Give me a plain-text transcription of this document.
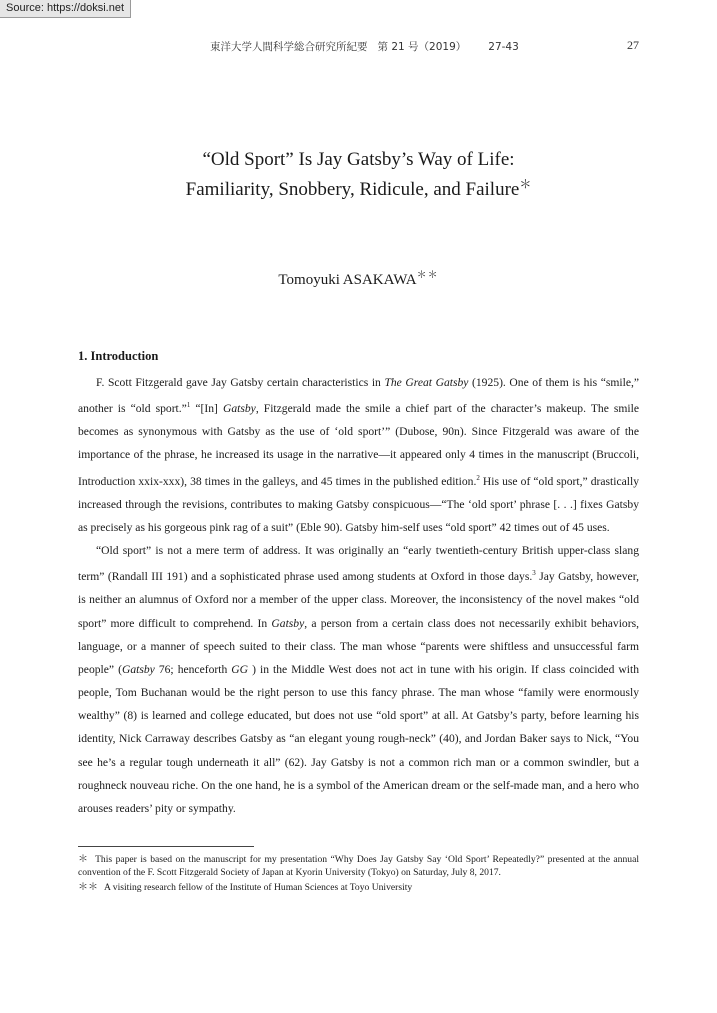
Source: https://doksi.net
東洋大学人間科学総合研究所紀要 第 21 号（2019） 27-43	27
“Old Sport” Is Jay Gatsby’s Way of Life:
Familiarity, Snobbery, Ridicule, and Failure＊
Tomoyuki ASAKAWA＊＊
1. Introduction

F. Scott Fitzgerald gave Jay Gatsby certain characteristics in The Great Gatsby (1925). One of them is his “smile,” another is “old sport.”$^1$ “[In] Gatsby, Fitzgerald made the smile a chief part of the character’s makeup. The smile becomes as synonymous with Gatsby as the use of ‘old sport’” (Dubose, 90n). Since Fitzgerald was aware of the importance of the phrase, he increased its usage in the narrative—it appeared only 4 times in the manuscript (Bruccoli, Introduction xxix-xxx), 38 times in the galleys, and 45 times in the published edition.$^2$ His use of “old sport,” drastically increased through the revisions, contributes to making Gatsby conspicuous—“The ‘old sport’ phrase [. . .] fixes Gatsby as precisely as his gorgeous pink rag of a suit” (Eble 90). Gatsby him-self uses “old sport” 42 times out of 45 uses.

“Old sport” is not a mere term of address. It was originally an “early twentieth-century British upper-class slang term” (Randall III 191) and a sophisticated phrase used among students at Oxford in those days.$^3$ Jay Gatsby, however, is neither an alumnus of Oxford nor a member of the upper class. Moreover, the inconsistency of the novel makes “old sport” more difficult to comprehend. In Gatsby, a person from a certain class does not necessarily exhibit behaviors, language, or a manner of speech suited to their class. The man whose “parents were shiftless and unsuccessful farm people” (Gatsby 76; henceforth GG ) in the Middle West does not act in tune with his origin. If class coincided with people, Tom Buchanan would be the right person to use this fancy phrase. The man whose “family were enormously wealthy” (8) is learned and college educated, but does not use “old sport” at all. At Gatsby’s party, before learning his identity, Nick Carraway describes Gatsby as “an elegant young rough-neck” (40), and Jordan Baker says to Nick, “You see he’s a regular tough underneath it all” (62). Jay Gatsby is not a common rich man or a common swindler, but a roughneck nouveau riche. On the one hand, he is a symbol of the American dream or the self-made man, and a hero who arouses readers’ pity or sympathy.

＊ This paper is based on the manuscript for my presentation “Why Does Jay Gatsby Say ‘Old Sport’ Repeatedly?” presented at the annual convention of the F. Scott Fitzgerald Society of Japan at Kyorin University (Tokyo) on Saturday, July 8, 2017.

＊＊ A visiting research fellow of the Institute of Human Sciences at Toyo University
